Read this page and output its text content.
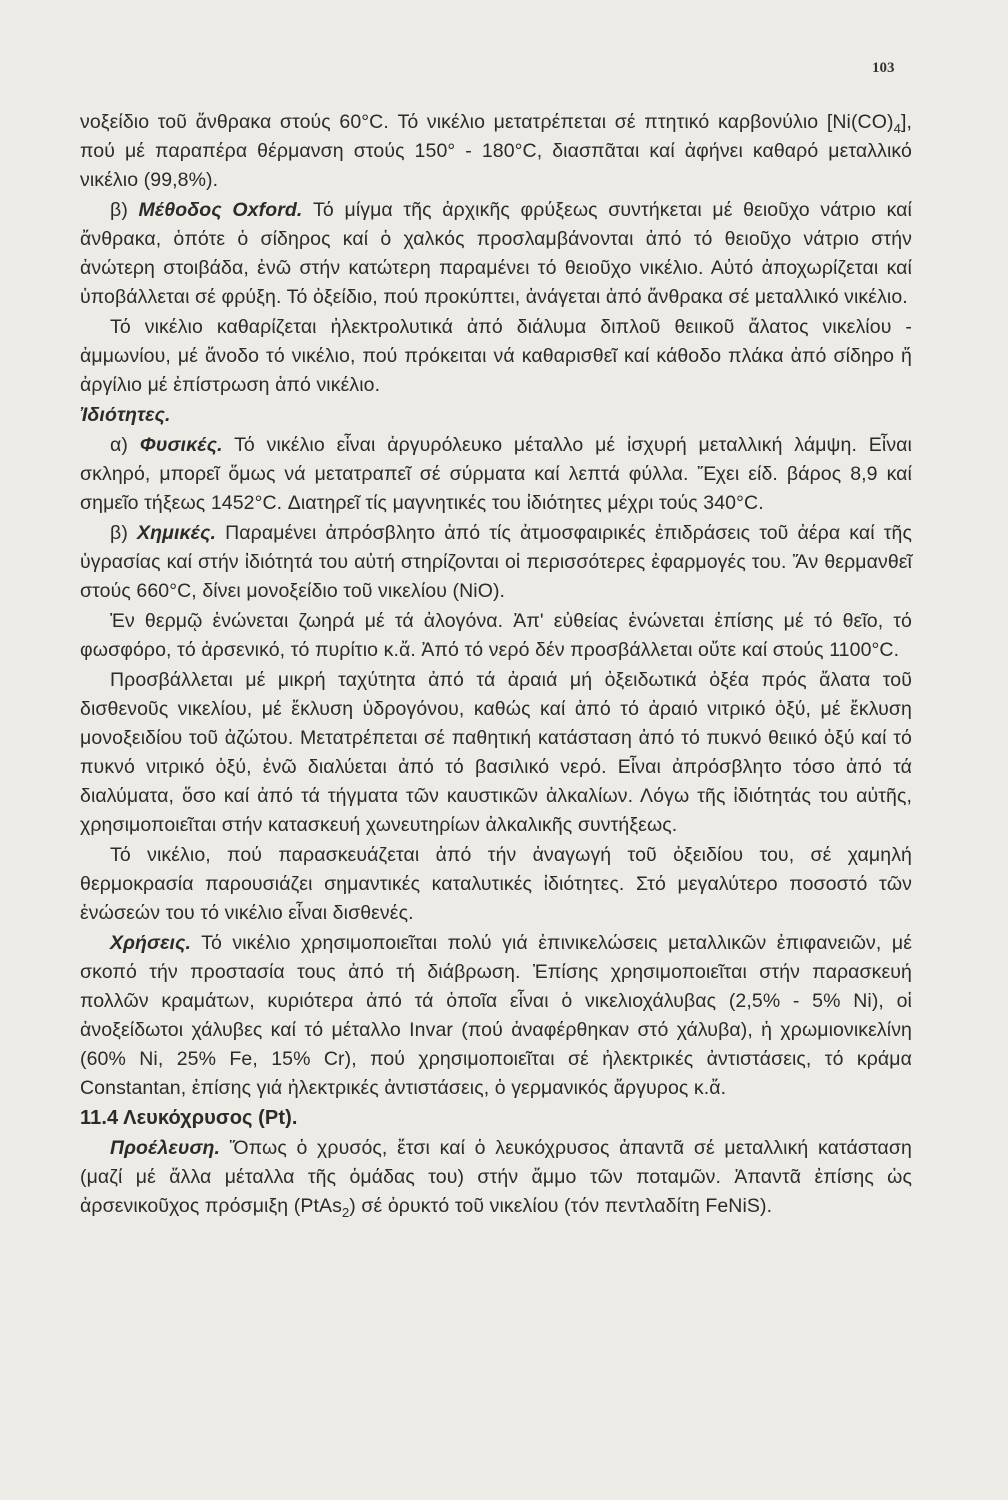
103

νοξείδιο τοῦ ἄνθρακα στούς 60°C. Τό νικέλιο μετατρέπεται σέ πτητικό καρβονύλιο $[Ni(CO)_4]$, πού μέ παραπέρα θέρμανση στούς 150° - 180°C, διασπᾶται καί ἀφήνει καθαρό μεταλλικό νικέλιο (99,8%).

β) Μέθοδος Oxford. Τό μίγμα τῆς ἀρχικῆς φρύξεως συντήκεται μέ θειοῦχο νάτριο καί ἄνθρακα, ὁπότε ὁ σίδηρος καί ὁ χαλκός προσλαμβάνονται ἀπό τό θειοῦχο νάτριο στήν ἀνώτερη στοιβάδα, ἐνῶ στήν κατώτερη παραμένει τό θειοῦχο νικέλιο. Αὐτό ἀποχωρίζεται καί ὑποβάλλεται σέ φρύξη. Τό ὀξείδιο, πού προκύπτει, ἀνάγεται ἀπό ἄνθρακα σέ μεταλλικό νικέλιο.

Τό νικέλιο καθαρίζεται ἠλεκτρολυτικά ἀπό διάλυμα διπλοῦ θειικοῦ ἄλατος νικελίου - ἀμμωνίου, μέ ἄνοδο τό νικέλιο, πού πρόκειται νά καθαρισθεῖ καί κάθοδο πλάκα ἀπό σίδηρο ἤ ἀργίλιο μέ ἐπίστρωση ἀπό νικέλιο.

Ἰδιότητες.

α) Φυσικές. Τό νικέλιο εἶναι ἀργυρόλευκο μέταλλο μέ ἰσχυρή μεταλλική λάμψη. Εἶναι σκληρό, μπορεῖ ὅμως νά μετατραπεῖ σέ σύρματα καί λεπτά φύλλα. Ἔχει είδ. βάρος 8,9 καί σημεῖο τήξεως 1452°C. Διατηρεῖ τίς μαγνητικές του ἰδιότητες μέχρι τούς 340°C.

β) Χημικές. Παραμένει ἀπρόσβλητο ἀπό τίς ἀτμοσφαιρικές ἐπιδράσεις τοῦ ἀέρα καί τῆς ὑγρασίας καί στήν ἰδιότητά του αὐτή στηρίζονται οἱ περισσότερες ἐφαρμογές του. Ἄν θερμανθεῖ στούς 660°C, δίνει μονοξείδιο τοῦ νικελίου (NiO).

Ἐν θερμῷ ἑνώνεται ζωηρά μέ τά ἀλογόνα. Ἀπ' εὐθείας ἑνώνεται ἐπίσης μέ τό θεῖο, τό φωσφόρο, τό ἀρσενικό, τό πυρίτιο κ.ἄ. Ἀπό τό νερό δέν προσβάλλεται οὔτε καί στούς 1100°C.

Προσβάλλεται μέ μικρή ταχύτητα ἀπό τά ἀραιά μή ὀξειδωτικά ὀξέα πρός ἄλατα τοῦ δισθενοῦς νικελίου, μέ ἔκλυση ὑδρογόνου, καθώς καί ἀπό τό ἀραιό νιτρικό ὀξύ, μέ ἔκλυση μονοξειδίου τοῦ ἀζώτου. Μετατρέπεται σέ παθητική κατάσταση ἀπό τό πυκνό θειικό ὀξύ καί τό πυκνό νιτρικό ὀξύ, ἐνῶ διαλύεται ἀπό τό βασιλικό νερό. Εἶναι ἀπρόσβλητο τόσο ἀπό τά διαλύματα, ὅσο καί ἀπό τά τήγματα τῶν καυστικῶν ἀλκαλίων. Λόγω τῆς ἰδιότητάς του αὐτῆς, χρησιμοποιεῖται στήν κατασκευή χωνευτηρίων ἀλκαλικῆς συντήξεως.

Τό νικέλιο, πού παρασκευάζεται ἀπό τήν ἀναγωγή τοῦ ὀξειδίου του, σέ χαμηλή θερμοκρασία παρουσιάζει σημαντικές καταλυτικές ἰδιότητες. Στό μεγαλύτερο ποσοστό τῶν ἑνώσεών του τό νικέλιο εἶναι δισθενές.

Χρήσεις. Τό νικέλιο χρησιμοποιεῖται πολύ γιά ἐπινικελώσεις μεταλλικῶν ἐπιφανειῶν, μέ σκοπό τήν προστασία τους ἀπό τή διάβρωση. Ἐπίσης χρησιμοποιεῖται στήν παρασκευή πολλῶν κραμάτων, κυριότερα ἀπό τά ὁποῖα εἶναι ὁ νικελιοχάλυβας (2,5% - 5% Ni), οἱ ἀνοξείδωτοι χάλυβες καί τό μέταλλο Invar (πού ἀναφέρθηκαν στό χάλυβα), ἡ χρωμιονικελίνη (60% Ni, 25% Fe, 15% Cr), πού χρησιμοποιεῖται σέ ἠλεκτρικές ἀντιστάσεις, τό κράμα Constantan, ἐπίσης γιά ἠλεκτρικές ἀντιστάσεις, ὁ γερμανικός ἄργυρος κ.ἄ.

11.4 Λευκόχρυσος (Pt).

Προέλευση. Ὅπως ὁ χρυσός, ἔτσι καί ὁ λευκόχρυσος ἀπαντᾶ σέ μεταλλική κατάσταση (μαζί μέ ἄλλα μέταλλα τῆς ὁμάδας του) στήν ἄμμο τῶν ποταμῶν. Ἀπαντᾶ ἐπίσης ὡς ἀρσενικοῦχος πρόσμιξη (PtAs$_2$) σέ ὀρυκτό τοῦ νικελίου (τόν πεντλαδίτη FeNiS).
